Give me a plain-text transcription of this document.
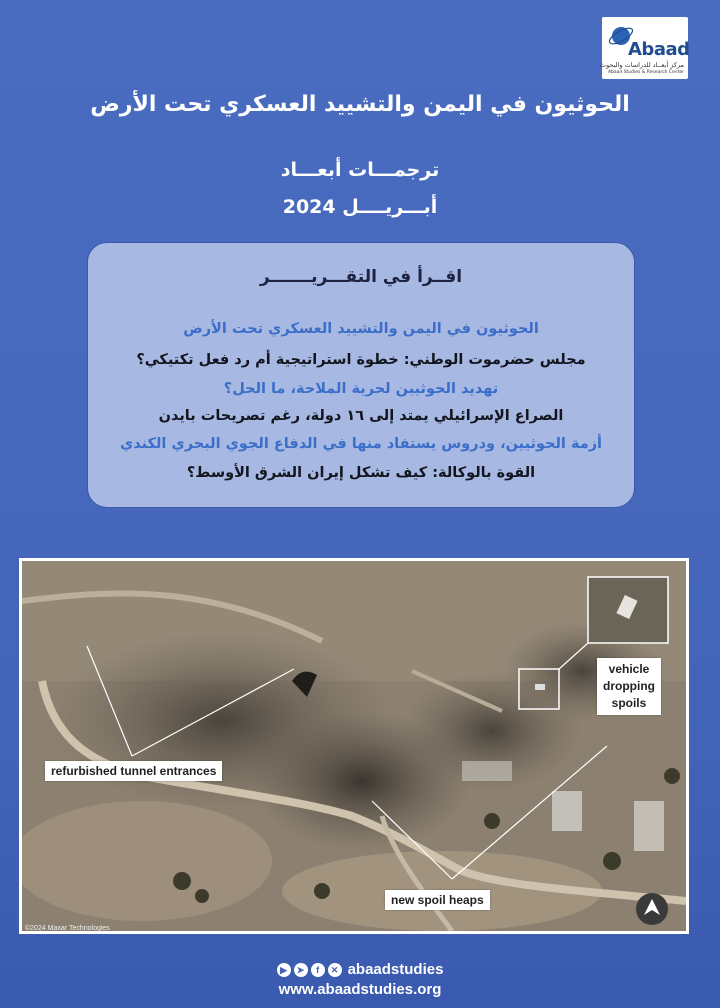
Abaad
مركز أبعــاد للدراسات والبحوث
Abaad Studies & Research Center
الحوثيون في اليمن والتشييد العسكري تحت الأرض
ترجمـــات أبعـــاد
أبـــريــــل 2024
اقــرأ في التقـــريـــــــر
الحوثيون في اليمن والتشييد العسكري تحت الأرض
مجلس حضرموت الوطني: خطوة استراتيجية أم رد فعل تكتيكي؟
تهديد الحوثيين لحرية الملاحة، ما الحل؟
الصراع الإسرائيلي يمتد إلى ١٦ دولة، رغم تصريحات بايدن
أزمة الحوثيين، ودروس يستفاد منها في الدفاع الجوي البحري الكندي
القوة بالوكالة: كيف تشكل إيران الشرق الأوسط؟
refurbished tunnel entrances
vehicle
dropping
spoils
new spoil heaps
©2024 Maxar Technologies
▶	➤	f	✕ abaadstudies
www.abaadstudies.org
